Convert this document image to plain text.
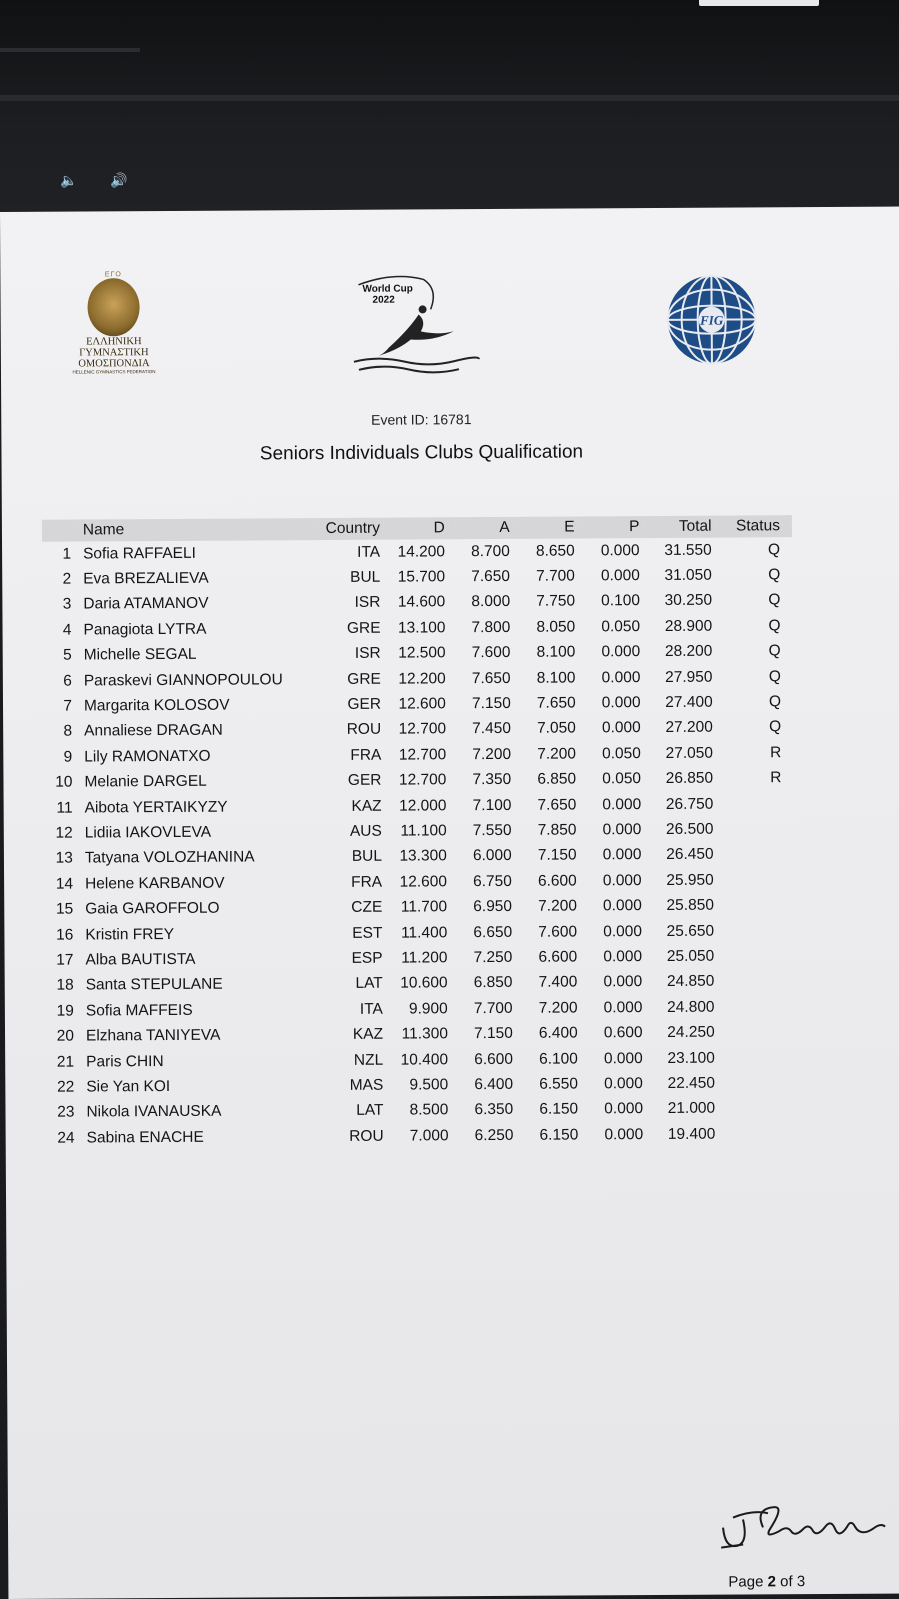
🔈 🔊
ΕΓΟ
ΕΛΛΗΝΙΚΗ
ΓΥΜΝΑΣΤΙΚΗ
ΟΜΟΣΠΟΝΔΙΑ
HELLENIC GYMNASTICS FEDERATION
World Cup
2022
FIG
Event ID: 16781
Seniors Individuals Clubs Qualification
	Name	Country	D	A	E	P	Total	Status
1	Sofia RAFFAELI	ITA	14.200	8.700	8.650	0.000	31.550	Q
2	Eva BREZALIEVA	BUL	15.700	7.650	7.700	0.000	31.050	Q
3	Daria ATAMANOV	ISR	14.600	8.000	7.750	0.100	30.250	Q
4	Panagiota LYTRA	GRE	13.100	7.800	8.050	0.050	28.900	Q
5	Michelle SEGAL	ISR	12.500	7.600	8.100	0.000	28.200	Q
6	Paraskevi GIANNOPOULOU	GRE	12.200	7.650	8.100	0.000	27.950	Q
7	Margarita KOLOSOV	GER	12.600	7.150	7.650	0.000	27.400	Q
8	Annaliese DRAGAN	ROU	12.700	7.450	7.050	0.000	27.200	Q
9	Lily RAMONATXO	FRA	12.700	7.200	7.200	0.050	27.050	R
10	Melanie DARGEL	GER	12.700	7.350	6.850	0.050	26.850	R
11	Aibota YERTAIKYZY	KAZ	12.000	7.100	7.650	0.000	26.750	
12	Lidiia IAKOVLEVA	AUS	11.100	7.550	7.850	0.000	26.500	
13	Tatyana VOLOZHANINA	BUL	13.300	6.000	7.150	0.000	26.450	
14	Helene KARBANOV	FRA	12.600	6.750	6.600	0.000	25.950	
15	Gaia GAROFFOLO	CZE	11.700	6.950	7.200	0.000	25.850	
16	Kristin FREY	EST	11.400	6.650	7.600	0.000	25.650	
17	Alba BAUTISTA	ESP	11.200	7.250	6.600	0.000	25.050	
18	Santa STEPULANE	LAT	10.600	6.850	7.400	0.000	24.850	
19	Sofia MAFFEIS	ITA	9.900	7.700	7.200	0.000	24.800	
20	Elzhana TANIYEVA	KAZ	11.300	7.150	6.400	0.600	24.250	
21	Paris CHIN	NZL	10.400	6.600	6.100	0.000	23.100	
22	Sie Yan KOI	MAS	9.500	6.400	6.550	0.000	22.450	
23	Nikola IVANAUSKA	LAT	8.500	6.350	6.150	0.000	21.000	
24	Sabina ENACHE	ROU	7.000	6.250	6.150	0.000	19.400	
Page 2 of 3
